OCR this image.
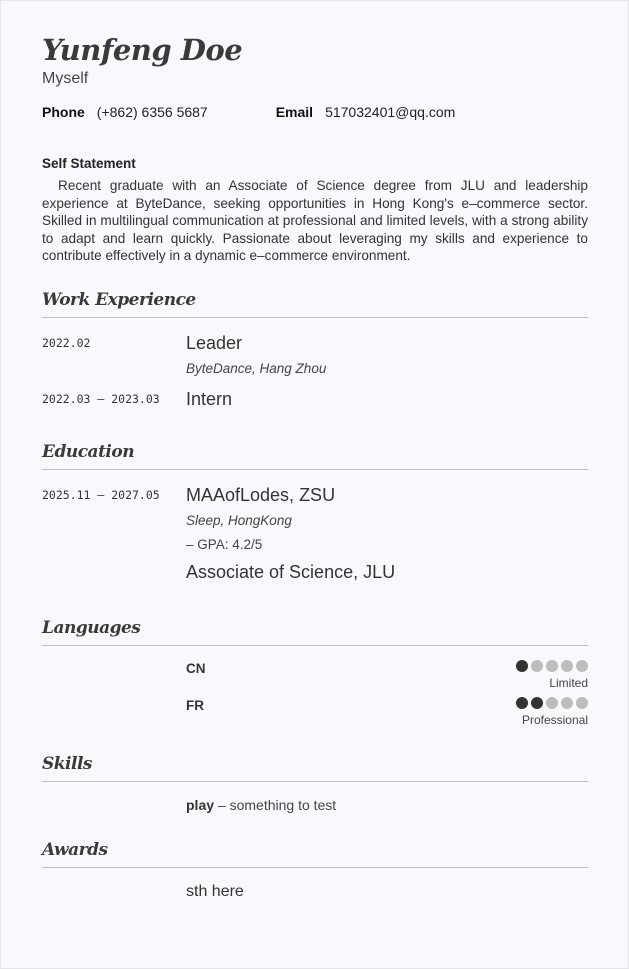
Yunfeng Doe
Myself
Phone (+862) 6356 5687	Email 517032401@qq.com
Self Statement
Recent graduate with an Associate of Science degree from JLU and leadership experience at ByteDance, seeking opportunities in Hong Kong's e–commerce sector. Skilled in multilingual communication at professional and limited levels, with a strong ability to adapt and learn quickly. Passionate about leveraging my skills and experience to contribute effectively in a dynamic e–commerce environment.
Work Experience
2022.02	Leader
ByteDance, Hang Zhou
2022.03 – 2023.03	Intern
Education
2025.11 – 2027.05	MAAofLodes, ZSU
Sleep, HongKong
– GPA: 4.2/5
Associate of Science, JLU
Languages
CN
Limited
FR
Professional
Skills
play – something to test
Awards
sth here
